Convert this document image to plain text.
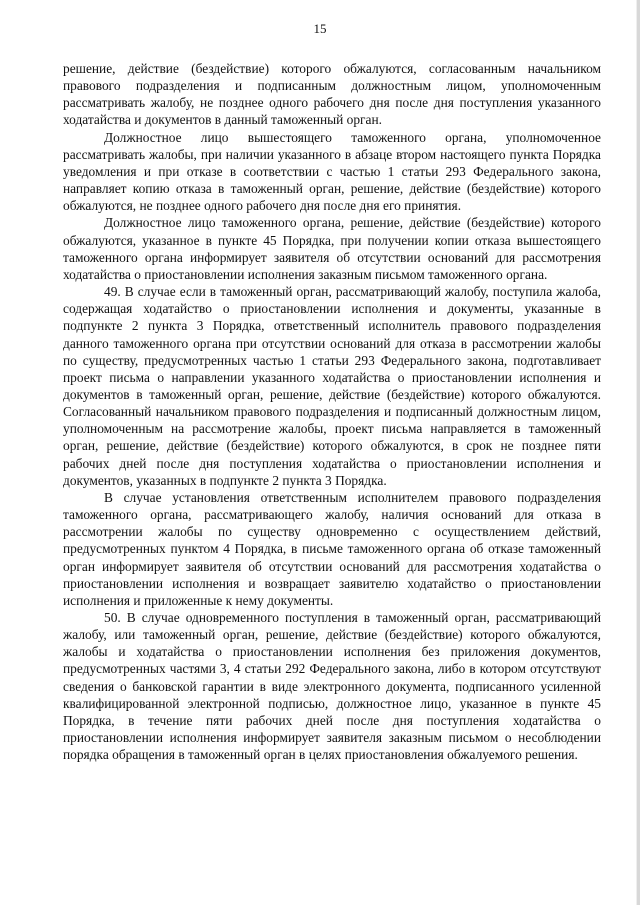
15

решение, действие (бездействие) которого обжалуются, согласованным начальником правового подразделения и подписанным должностным лицом, уполномоченным рассматривать жалобу, не позднее одного рабочего дня после дня поступления указанного ходатайства и документов в данный таможенный орган.

Должностное лицо вышестоящего таможенного органа, уполномоченное рассматривать жалобы, при наличии указанного в абзаце втором настоящего пункта Порядка уведомления и при отказе в соответствии с частью 1 статьи 293 Федерального закона, направляет копию отказа в таможенный орган, решение, действие (бездействие) которого обжалуются, не позднее одного рабочего дня после дня его принятия.

Должностное лицо таможенного органа, решение, действие (бездействие) которого обжалуются, указанное в пункте 45 Порядка, при получении копии отказа вышестоящего таможенного органа информирует заявителя об отсутствии оснований для рассмотрения ходатайства о приостановлении исполнения заказным письмом таможенного органа.

49. В случае если в таможенный орган, рассматривающий жалобу, поступила жалоба, содержащая ходатайство о приостановлении исполнения и документы, указанные в подпункте 2 пункта 3 Порядка, ответственный исполнитель правового подразделения данного таможенного органа при отсутствии оснований для отказа в рассмотрении жалобы по существу, предусмотренных частью 1 статьи 293 Федерального закона, подготавливает проект письма о направлении указанного ходатайства о приостановлении исполнения и документов в таможенный орган, решение, действие (бездействие) которого обжалуются. Согласованный начальником правового подразделения и подписанный должностным лицом, уполномоченным на рассмотрение жалобы, проект письма направляется в таможенный орган, решение, действие (бездействие) которого обжалуются, в срок не позднее пяти рабочих дней после дня поступления ходатайства о приостановлении исполнения и документов, указанных в подпункте 2 пункта 3 Порядка.

В случае установления ответственным исполнителем правового подразделения таможенного органа, рассматривающего жалобу, наличия оснований для отказа в рассмотрении жалобы по существу одновременно с осуществлением действий, предусмотренных пунктом 4 Порядка, в письме таможенного органа об отказе таможенный орган информирует заявителя об отсутствии оснований для рассмотрения ходатайства о приостановлении исполнения и возвращает заявителю ходатайство о приостановлении исполнения и приложенные к нему документы.

50. В случае одновременного поступления в таможенный орган, рассматривающий жалобу, или таможенный орган, решение, действие (бездействие) которого обжалуются, жалобы и ходатайства о приостановлении исполнения без приложения документов, предусмотренных частями 3, 4 статьи 292 Федерального закона, либо в котором отсутствуют сведения о банковской гарантии в виде электронного документа, подписанного усиленной квалифицированной электронной подписью, должностное лицо, указанное в пункте 45 Порядка, в течение пяти рабочих дней после дня поступления ходатайства о приостановлении исполнения информирует заявителя заказным письмом о несоблюдении порядка обращения в таможенный орган в целях приостановления обжалуемого решения.
